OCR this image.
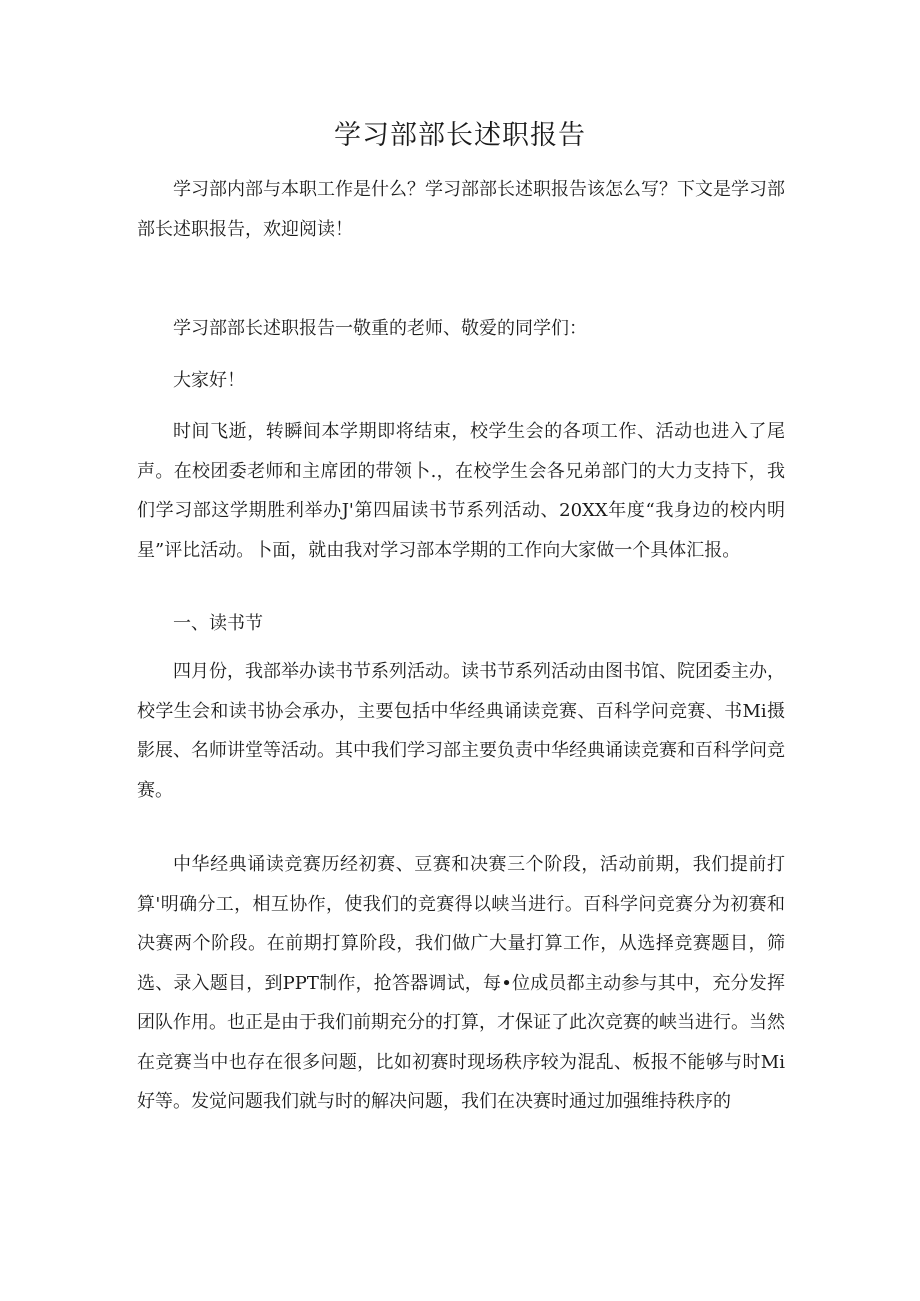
学习部部长述职报告

学习部内部与本职工作是什么？学习部部长述职报告该怎么写？下文是学习部部长述职报告，欢迎阅读！

学习部部长述职报告一敬重的老师、敬爱的同学们：

大家好！

时间飞逝，转瞬间本学期即将结束，校学生会的各项工作、活动也进入了尾声。在校团委老师和主席团的带领卜.，在校学生会各兄弟部门的大力支持下，我们学习部这学期胜利举办J'第四届读书节系列活动、20XX年度“我身边的校内明星”评比活动。卜面，就由我对学习部本学期的工作向大家做一个具体汇报。

一、读书节

四月份，我部举办读书节系列活动。读书节系列活动由图书馆、院团委主办，校学生会和读书协会承办，主要包括中华经典诵读竞赛、百科学问竞赛、书Mi摄影展、名师讲堂等活动。其中我们学习部主要负责中华经典诵读竞赛和百科学问竞赛。

中华经典诵读竞赛历经初赛、豆赛和决赛三个阶段，活动前期，我们提前打算'明确分工，相互协作，使我们的竞赛得以峡当进行。百科学问竞赛分为初赛和决赛两个阶段。在前期打算阶段，我们做广大量打算工作，从选择竞赛题目，筛选、录入题目，到PPT制作，抢答器调试，每•位成员都主动参与其中，充分发挥团队作用。也正是由于我们前期充分的打算，才保证了此次竞赛的峡当进行。当然在竞赛当中也存在很多问题，比如初赛时现场秩序较为混乱、板报不能够与时Mi好等。发觉问题我们就与时的解决问题，我们在决赛时通过加强维持秩序的
